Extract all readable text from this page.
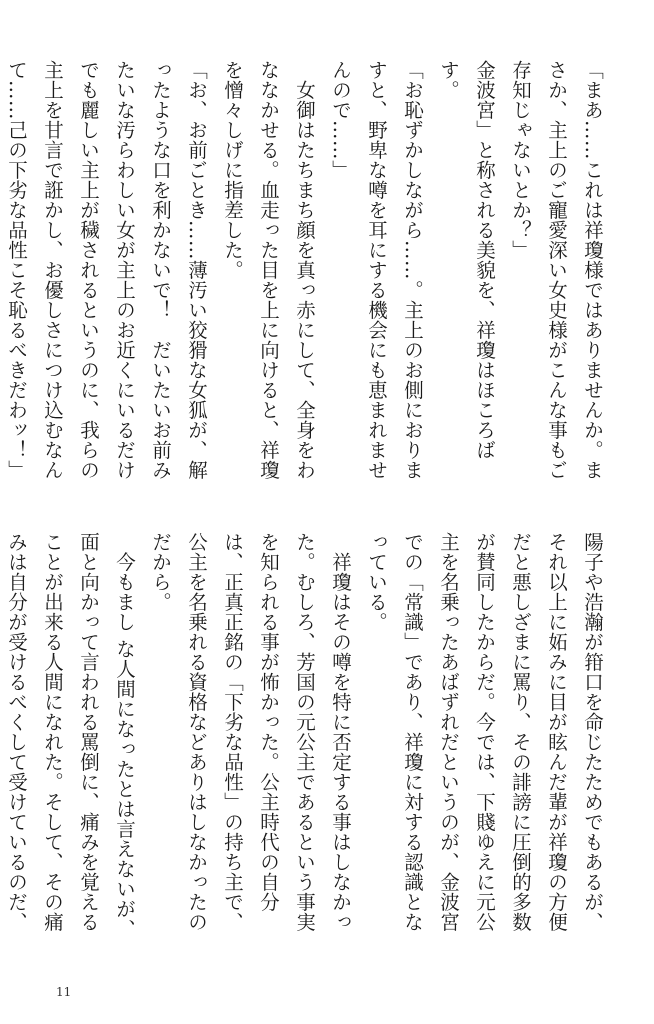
「まあ……これは祥瓊様ではありませんか。まさか、主上のご寵愛深い女史様がこんな事もご存知じゃないとか？」

金波宮」と称される美貌を、祥瓊はほころばす。

「お恥ずかしながら……。主上のお側におりますと、野卑な噂を耳にする機会にも恵まれませんので……」

女御はたちまち顔を真っ赤にして、全身をわななかせる。血走った目を上に向けると、祥瓊を憎々しげに指差した。

「お、お前ごとき……薄汚い狡猾な女狐が、解ったような口を利かないで！　だいたいお前みたいな汚らわしい女が主上のお近くにいるだけでも麗しい主上が穢されるというのに、我らの主上を甘言で誑かし、お優しさにつけ込むなんて……己の下劣な品性こそ恥るべきだわッ！」

陽子や浩瀚が箝口を命じたためでもあるが、それ以上に妬みに目が眩んだ輩が祥瓊の方便だと悪しざまに罵り、その誹謗に圧倒的多数が賛同したからだ。今では、下賤ゆえに元公主を名乗ったあばずれだというのが、金波宮での「常識」であり、祥瓊に対する認識となっている。

祥瓊はその噂を特に否定する事はしなかった。むしろ、芳国の元公主であるという事実を知られる事が怖かった。公主時代の自分は、正真正銘の「下劣な品性」の持ち主で、公主を名乗れる資格などありはしなかったのだから。

今もまし な人間になったとは言えないが、面と向かって言われる罵倒に、痛みを覚えることが出来る人間になれた。そして、その痛みは自分が受けるべくして受けているのだ、

11
